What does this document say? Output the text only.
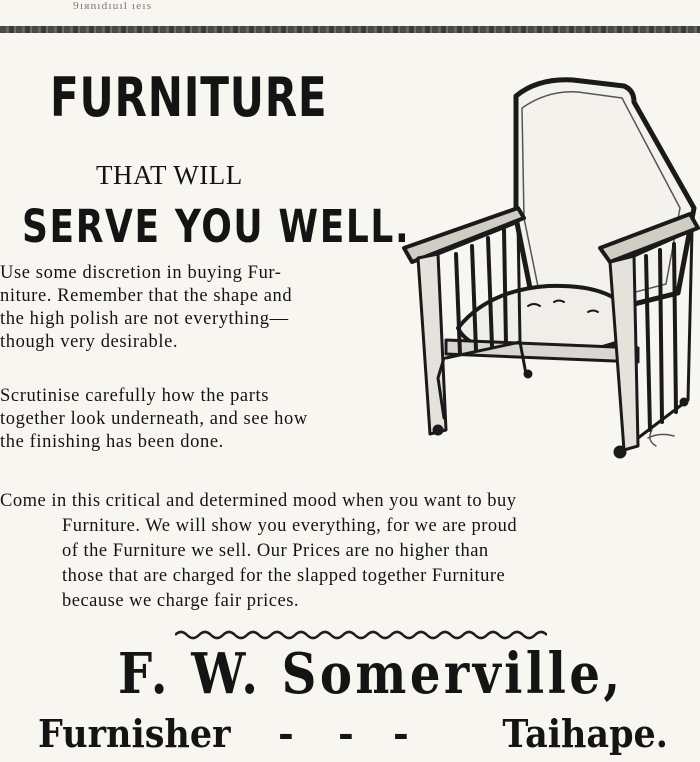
9ıяnıdıuıl ıeıs
FURNITURE
THAT WILL
SERVE YOU WELL.
Use some discretion in buying Fur-
niture. Remember that the shape and
the high polish are not everything—
though very desirable.
Scrutinise carefully how the parts
together look underneath, and see how
the finishing has been done.
Come in this critical and determined mood when you want to buy
Furniture. We will show you everything, for we are proud
of the Furniture we sell. Our Prices are no higher than
those that are charged for the slapped together Furniture
because we charge fair prices.
F. W. Somerville,
Furnisher - - - Taihape.
